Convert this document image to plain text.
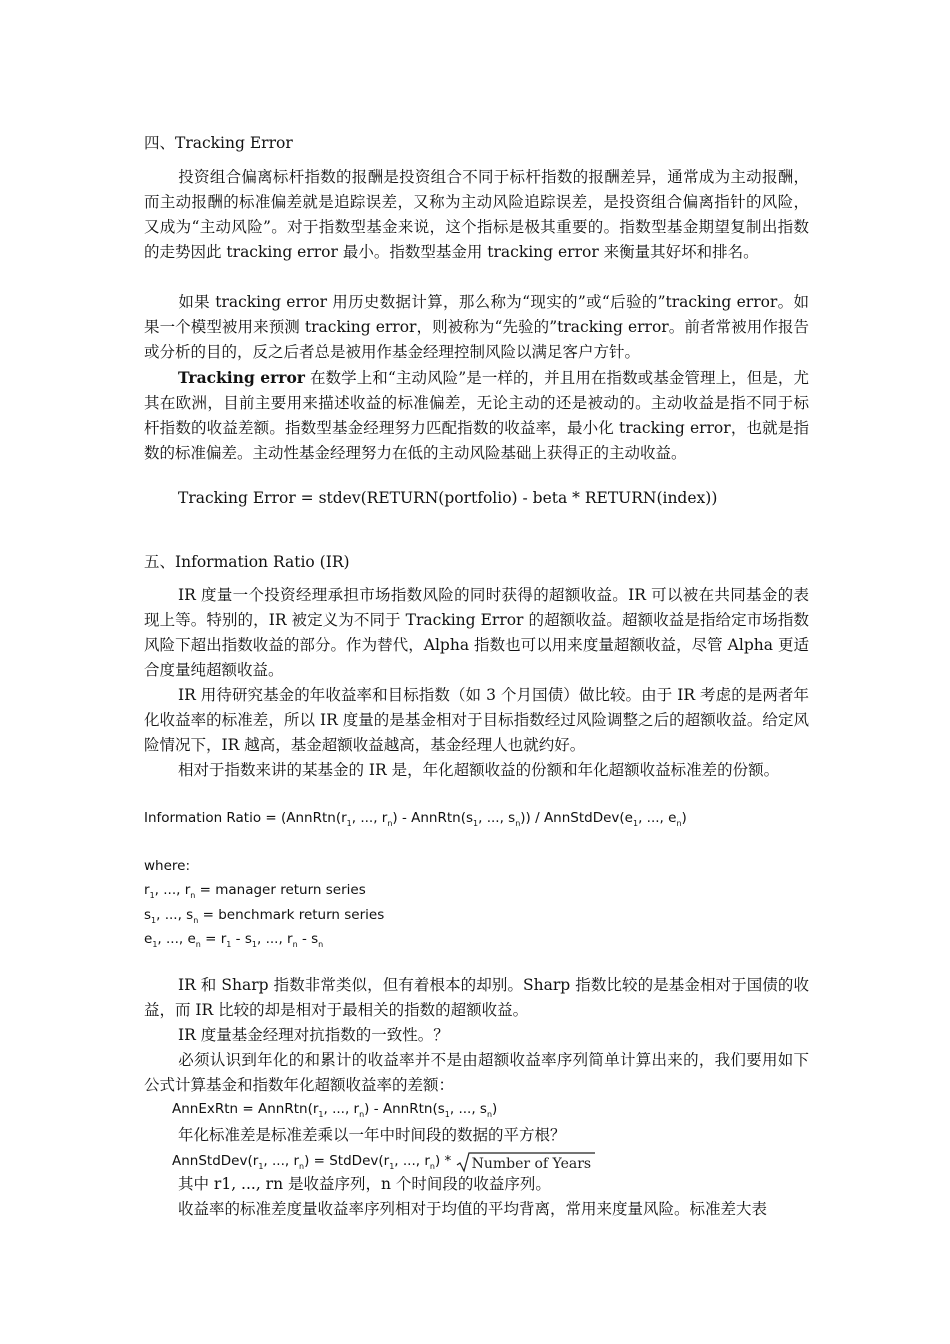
四、Tracking Error
投资组合偏离标杆指数的报酬是投资组合不同于标杆指数的报酬差异，通常成为主动报酬，而主动报酬的标准偏差就是追踪误差，又称为主动风险追踪误差，是投资组合偏离指针的风险，又成为“主动风险”。对于指数型基金来说，这个指标是极其重要的。指数型基金期望复制出指数的走势因此 tracking error 最小。指数型基金用 tracking error 来衡量其好坏和排名。
如果 tracking error 用历史数据计算，那么称为“现实的”或“后验的”tracking error。如果一个模型被用来预测 tracking error，则被称为“先验的”tracking error。前者常被用作报告或分析的目的，反之后者总是被用作基金经理控制风险以满足客户方针。
Tracking error 在数学上和“主动风险”是一样的，并且用在指数或基金管理上，但是，尤其在欧洲，目前主要用来描述收益的标准偏差，无论主动的还是被动的。主动收益是指不同于标杆指数的收益差额。指数型基金经理努力匹配指数的收益率，最小化 tracking error，也就是指数的标准偏差。主动性基金经理努力在低的主动风险基础上获得正的主动收益。
Tracking Error = stdev(RETURN(portfolio) - beta * RETURN(index))
五、Information Ratio (IR)
IR 度量一个投资经理承担市场指数风险的同时获得的超额收益。IR 可以被在共同基金的表现上等。特别的，IR 被定义为不同于 Tracking Error 的超额收益。超额收益是指给定市场指数风险下超出指数收益的部分。作为替代，Alpha 指数也可以用来度量超额收益，尽管 Alpha 更适合度量纯超额收益。
IR 用待研究基金的年收益率和目标指数（如 3 个月国债）做比较。由于 IR 考虑的是两者年化收益率的标准差，所以 IR 度量的是基金相对于目标指数经过风险调整之后的超额收益。给定风险情况下，IR 越高，基金超额收益越高，基金经理人也就约好。
相对于指数来讲的某基金的 IR 是，年化超额收益的份额和年化超额收益标准差的份额。
Information Ratio = ($AnnRtn(r_1$, ..., $r_n$) - $AnnRtn(s_1$, ..., $s_n$)) / $AnnStdDev(e_1$, ..., $e_n$)
where:
$r_1$, ..., $r_n$ = manager return series
$s_1$, ..., $s_n$ = benchmark return series
$e_1$, ..., $e_n = r_1 - s_1$, ..., $r_n - s_n$
IR 和 Sharp 指数非常类似，但有着根本的却别。Sharp 指数比较的是基金相对于国债的收益，而 IR 比较的却是相对于最相关的指数的超额收益。
IR 度量基金经理对抗指数的一致性。？
必须认识到年化的和累计的收益率并不是由超额收益率序列简单计算出来的，我们要用如下公式计算基金和指数年化超额收益率的差额：
AnnExRtn = $AnnRtn(r_1$, ..., $r_n$) - $AnnRtn(s_1$, ..., $s_n$)
年化标准差是标准差乘以一年中时间段的数据的平方根？
$AnnStdDev(r_1$, ..., $r_n$) = $StdDev(r_1$, ..., $r_n$) *
Number of Years
其中 r1, ..., rn 是收益序列，n 个时间段的收益序列。
收益率的标准差度量收益率序列相对于均值的平均背离，常用来度量风险。标准差大表
